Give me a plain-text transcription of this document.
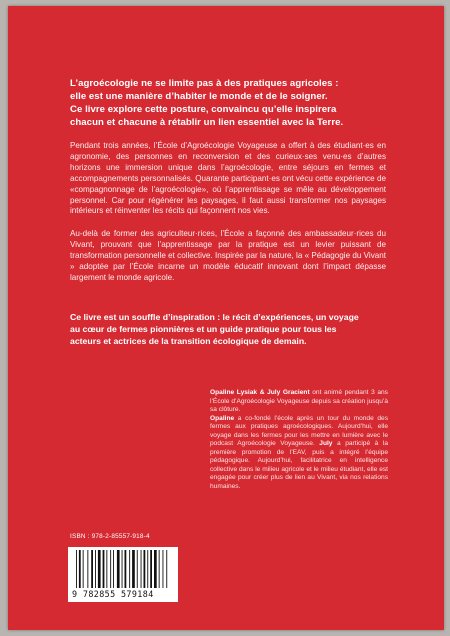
L’agroécologie ne se limite pas à des pratiques agricoles :
elle est une manière d’habiter le monde et de le soigner.
Ce livre explore cette posture, convaincu qu’elle inspirera
chacun et chacune à rétablir un lien essentiel avec la Terre.
Pendant trois années, l’École d’Agroécologie Voyageuse a offert à des étudiant·es en agronomie, des personnes en reconversion et des curieux·ses venu·es d’autres horizons une immersion unique dans l’agroécologie, entre séjours en fermes et accompagnements personnalisés. Quarante participant·es ont vécu cette expérience de «compagnonnage de l’agroécologie», où l’apprentissage se mêle au développement personnel. Car pour régénérer les paysages, il faut aussi transformer nos paysages intérieurs et réinventer les récits qui façonnent nos vies.
Au-delà de former des agriculteur·rices, l’École a façonné des ambassadeur·rices du Vivant, prouvant que l’apprentissage par la pratique est un levier puissant de transformation personnelle et collective. Inspirée par la nature, la « Pédagogie du Vivant » adoptée par l’École incarne un modèle éducatif innovant dont l’impact dépasse largement le monde agricole.
Ce livre est un souffle d’inspiration : le récit d’expériences, un voyage
au cœur de fermes pionnières et un guide pratique pour tous les
acteurs et actrices de la transition écologique de demain.
Opaline Lysiak & July Gracient ont animé pendant 3 ans l’École d’Agroécologie Voyageuse depuis sa création jusqu’à sa clôture.
Opaline a co-fondé l’école après un tour du monde des fermes aux pratiques agroécologiques. Aujourd’hui, elle voyage dans les fermes pour les mettre en lumière avec le podcast Agroécologie Voyageuse. July a participé à la première promotion de l’EAV, puis a intégré l’équipe pédagogique. Aujourd’hui, facilitatrice en intelligence collective dans le milieu agricole et le milieu étudiant, elle est engagée pour créer plus de lien au Vivant, via nos relations humaines.
ISBN : 978-2-85557-918-4
9 782855 579184
